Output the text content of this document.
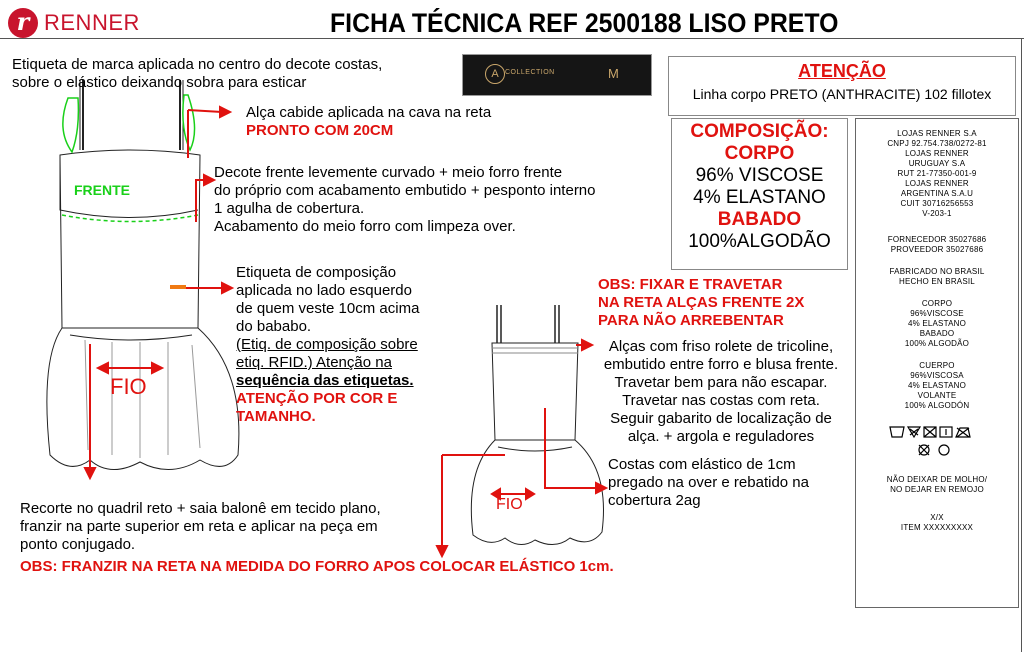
r RENNER	FICHA TÉCNICA REF 2500188 LISO PRETO
FRENTE
FIO
FIO
A COLLECTION	M
Etiqueta de marca aplicada no centro do decote costas,
sobre o elástico deixando sobra para esticar
Alça cabide aplicada na cava na reta
PRONTO COM 20CM
Decote frente levemente curvado + meio forro frente
do próprio com acabamento embutido + pesponto interno
1 agulha de cobertura.
Acabamento do meio forro com limpeza over.
Etiqueta de composição
aplicada no lado esquerdo
de quem veste 10cm acima
do bababo.
(Etiq. de composição sobre
etiq. RFID.) Atenção na
sequência das etiquetas.
ATENÇÃO POR COR E
TAMANHO.
Recorte no quadril reto + saia balonê em tecido plano,
franzir na parte superior em reta e aplicar na peça em
ponto conjugado.
OBS: FRANZIR NA RETA NA MEDIDA DO FORRO APOS COLOCAR ELÁSTICO 1cm.
OBS: FIXAR E TRAVETAR
NA RETA ALÇAS FRENTE 2X
PARA NÃO ARREBENTAR
Alças com friso rolete de tricoline,
embutido entre forro e blusa frente.
Travetar bem para não escapar.
Travetar nas costas com reta.
Seguir gabarito de localização de
alça. + argola e reguladores
Costas com elástico de 1cm
pregado na over e rebatido na
cobertura 2ag
ATENÇÃO
Linha corpo PRETO (ANTHRACITE) 102 fillotex
COMPOSIÇÃO:
CORPO
96% VISCOSE
4% ELASTANO
BABADO
100%ALGODÃO
LOJAS RENNER S.A
CNPJ 92.754.738/0272-81
LOJAS RENNER
URUGUAY S.A
RUT 21-77350-001-9
LOJAS RENNER
ARGENTINA S.A.U
CUIT 30716256553
V-203-1
FORNECEDOR 35027686
PROVEEDOR 35027686
FABRICADO NO BRASIL
HECHO EN BRASIL
CORPO
96%VISCOSE
4% ELASTANO
BABADO
100% ALGODÃO
CUERPO
96%VISCOSA
4% ELASTANO
VOLANTE
100% ALGODÓN
NÃO DEIXAR DE MOLHO/
NO DEJAR EN REMOJO
X/X
ITEM XXXXXXXXX
